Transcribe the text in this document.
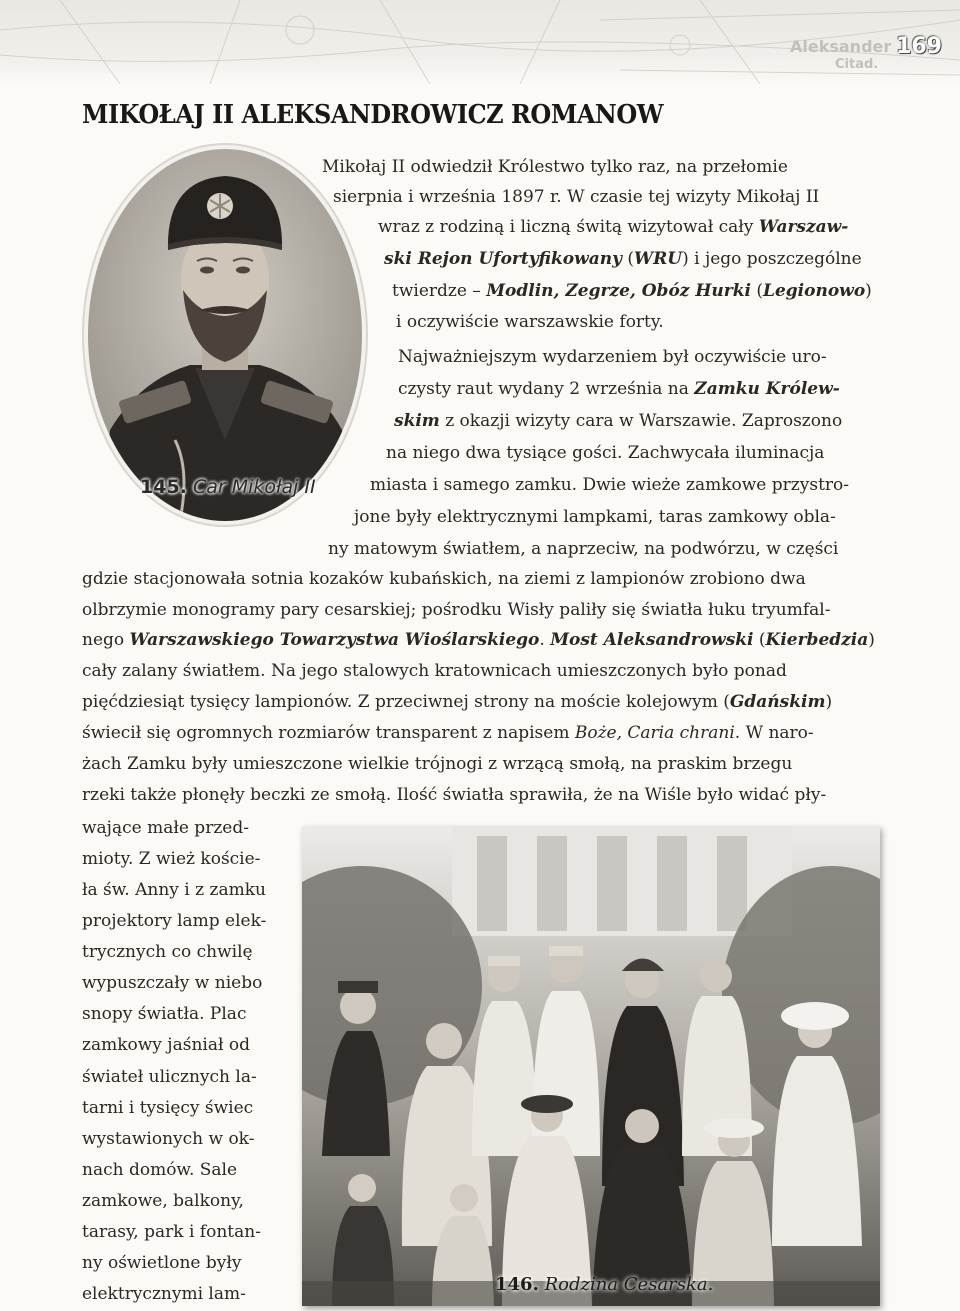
Aleksander
Citad.
169
MIKOŁAJ II ALEKSANDROWICZ ROMANOW
145. Car Mikołaj II
Mikołaj II odwiedził Królestwo tylko raz, na przełomie
sierpnia i września 1897 r. W czasie tej wizyty Mikołaj II
wraz z rodziną i liczną świtą wizytował cały Warszaw-
ski Rejon Ufortyfikowany (WRU) i jego poszczególne
twierdze – Modlin, Zegrze, Obóz Hurki (Legionowo)
i oczywiście warszawskie forty.
Najważniejszym wydarzeniem był oczywiście uro-
czysty raut wydany 2 września na Zamku Królew-
skim z okazji wizyty cara w Warszawie. Zaproszono
na niego dwa tysiące gości. Zachwycała iluminacja
miasta i samego zamku. Dwie wieże zamkowe przystro-
jone były elektrycznymi lampkami, taras zamkowy obla-
ny matowym światłem, a naprzeciw, na podwórzu, w części
gdzie stacjonowała sotnia kozaków kubańskich, na ziemi z lampionów zrobiono dwa
olbrzymie monogramy pary cesarskiej; pośrodku Wisły paliły się światła łuku tryumfal-
nego Warszawskiego Towarzystwa Wioślarskiego. Most Aleksandrowski (Kierbedzia)
cały zalany światłem. Na jego stalowych kratownicach umieszczonych było ponad
pięćdziesiąt tysięcy lampionów. Z przeciwnej strony na moście kolejowym (Gdańskim)
świecił się ogromnych rozmiarów transparent z napisem Boże, Caria chrani. W naro-
żach Zamku były umieszczone wielkie trójnogi z wrzącą smołą, na praskim brzegu
rzeki także płonęły beczki ze smołą. Ilość światła sprawiła, że na Wiśle było widać pły-
wające małe przed-
mioty. Z wież koście-
ła św. Anny i z zamku
projektory lamp elek-
trycznych co chwilę
wypuszczały w niebo
snopy światła. Plac
zamkowy jaśniał od
świateł ulicznych la-
tarni i tysięcy świec
wystawionych w ok-
nach domów. Sale
zamkowe, balkony,
tarasy, park i fontan-
ny oświetlone były
elektrycznymi lam-	146. Rodzina Cesarska.
